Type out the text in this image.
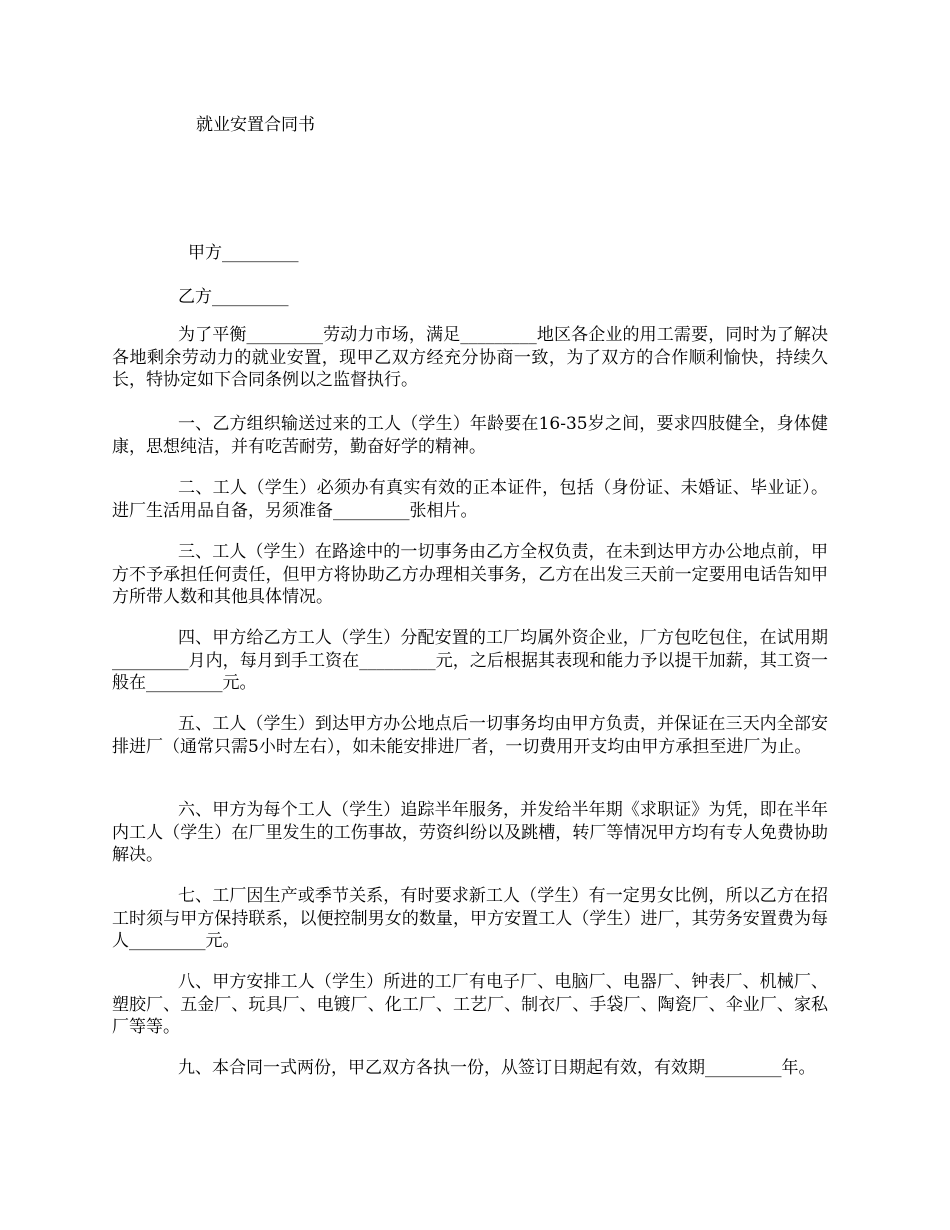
就业安置合同书
甲方_________
乙方_________

为了平衡_________劳动力市场，满足_________地区各企业的用工需要，同时为了解决各地剩余劳动力的就业安置，现甲乙双方经充分协商一致，为了双方的合作顺利愉快，持续久长，特协定如下合同条例以之监督执行。

一、乙方组织输送过来的工人（学生）年龄要在16-35岁之间，要求四肢健全，身体健康，思想纯洁，并有吃苦耐劳，勤奋好学的精神。

二、工人（学生）必须办有真实有效的正本证件，包括（身份证、未婚证、毕业证）。进厂生活用品自备，另须准备_________张相片。

三、工人（学生）在路途中的一切事务由乙方全权负责，在未到达甲方办公地点前，甲方不予承担任何责任，但甲方将协助乙方办理相关事务，乙方在出发三天前一定要用电话告知甲方所带人数和其他具体情况。

四、甲方给乙方工人（学生）分配安置的工厂均属外资企业，厂方包吃包住，在试用期_________月内，每月到手工资在_________元，之后根据其表现和能力予以提干加薪，其工资一般在_________元。

五、工人（学生）到达甲方办公地点后一切事务均由甲方负责，并保证在三天内全部安排进厂（通常只需5小时左右），如未能安排进厂者，一切费用开支均由甲方承担至进厂为止。

六、甲方为每个工人（学生）追踪半年服务，并发给半年期《求职证》为凭，即在半年内工人（学生）在厂里发生的工伤事故，劳资纠纷以及跳槽，转厂等情况甲方均有专人免费协助解决。

七、工厂因生产或季节关系，有时要求新工人（学生）有一定男女比例，所以乙方在招工时须与甲方保持联系，以便控制男女的数量，甲方安置工人（学生）进厂，其劳务安置费为每人_________元。

八、甲方安排工人（学生）所进的工厂有电子厂、电脑厂、电器厂、钟表厂、机械厂、塑胶厂、五金厂、玩具厂、电镀厂、化工厂、工艺厂、制衣厂、手袋厂、陶瓷厂、伞业厂、家私厂等等。

九、本合同一式两份，甲乙双方各执一份，从签订日期起有效，有效期_________年。
